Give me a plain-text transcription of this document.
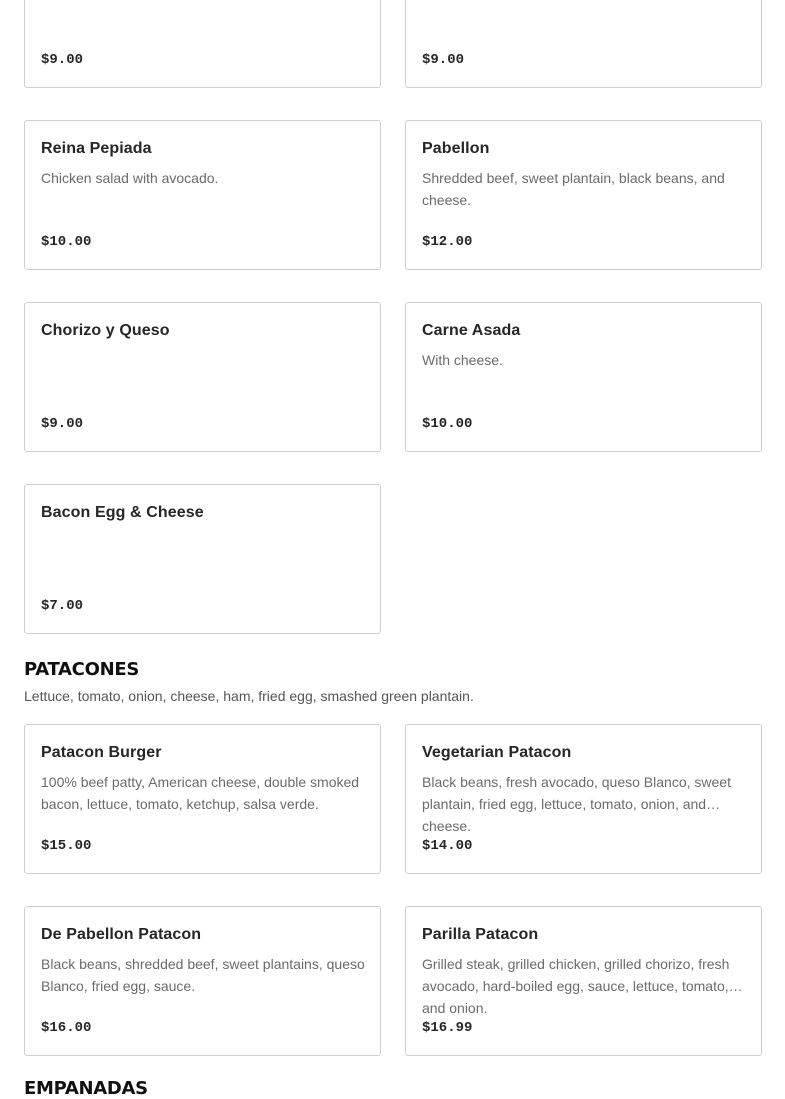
$9.00	$9.00
Reina Pepiada
Chicken salad with avocado.
$10.00
Pabellon
Shredded beef, sweet plantain, black beans, and cheese.
$12.00
Chorizo y Queso
$9.00
Carne Asada
With cheese.
$10.00
Bacon Egg & Cheese
$7.00
PATACONES
Lettuce, tomato, onion, cheese, ham, fried egg, smashed green plantain.
Patacon Burger
100% beef patty, American cheese, double smoked bacon, lettuce, tomato, ketchup, salsa verde.
$15.00
Vegetarian Patacon
Black beans, fresh avocado, queso Blanco, sweet plantain, fried egg, lettuce, tomato, onion, and cheese.
$14.00
De Pabellon Patacon
Black beans, shredded beef, sweet plantains, queso Blanco, fried egg, sauce.
$16.00
Parilla Patacon
Grilled steak, grilled chicken, grilled chorizo, fresh avocado, hard-boiled egg, sauce, lettuce, tomato, and onion.
$16.99
EMPANADAS
